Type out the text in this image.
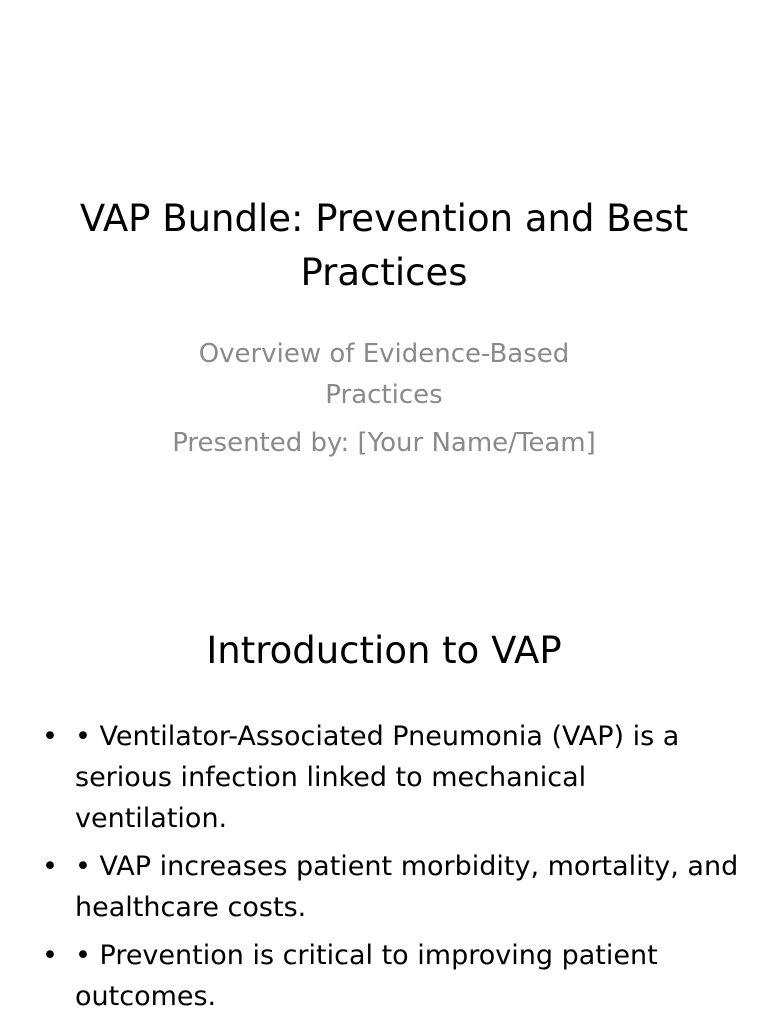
VAP Bundle: Prevention and Best Practices
Overview of Evidence-Based
Practices
Presented by: [Your Name/Team]
Introduction to VAP
• • Ventilator-Associated Pneumonia (VAP) is a serious infection linked to mechanical ventilation.
• • VAP increases patient morbidity, mortality, and healthcare costs.
• • Prevention is critical to improving patient outcomes.
